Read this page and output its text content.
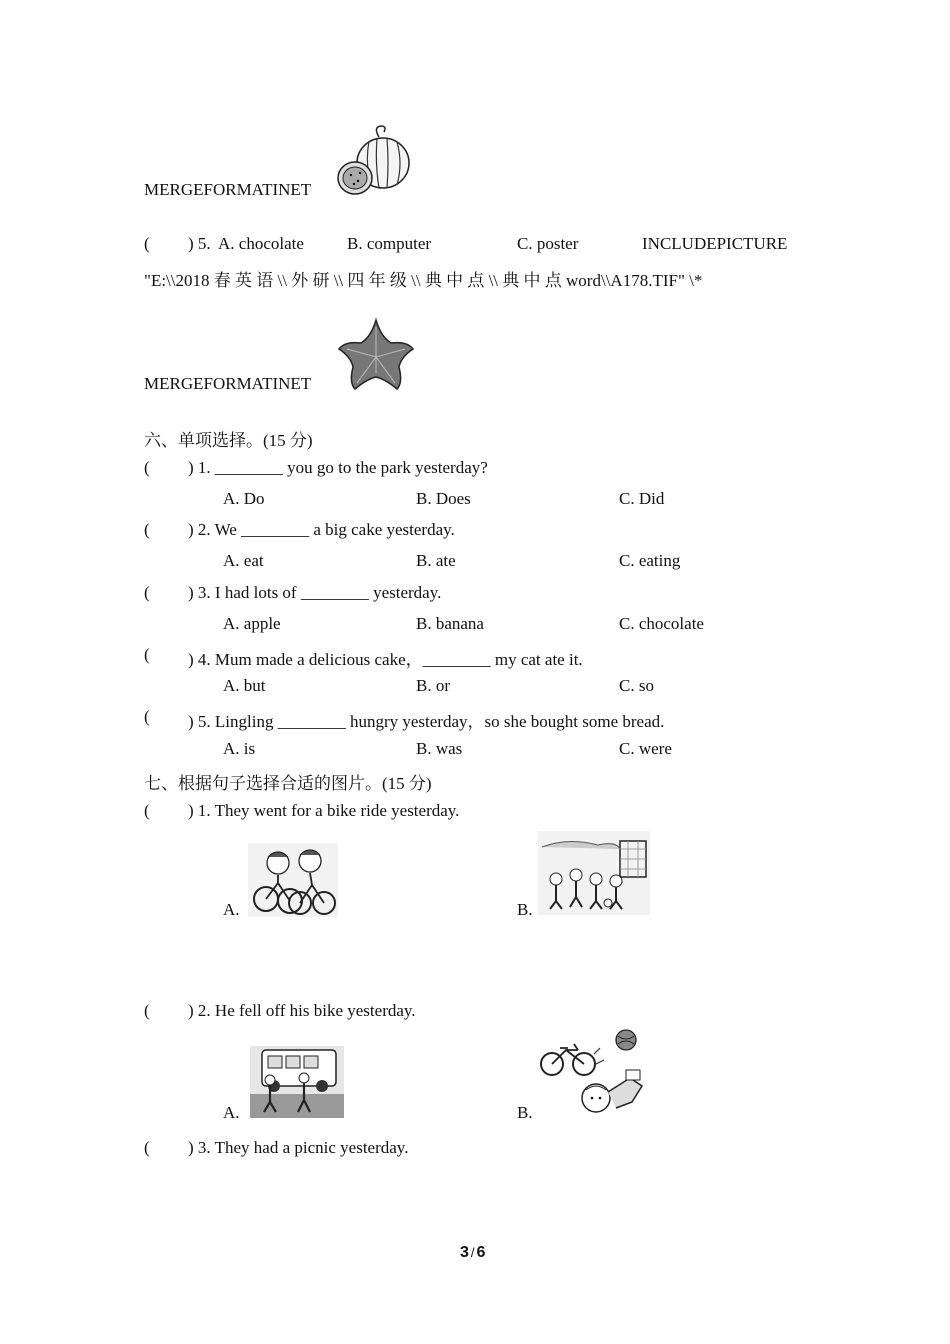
MERGEFORMATINET
( ) 5. A. chocolate	B. computer	C. poster	INCLUDEPICTURE
"E:\\2018 春 英 语 \\ 外 研 \\ 四 年 级 \\ 典 中 点 \\ 典 中 点 word\\A178.TIF" \*
MERGEFORMATINET
六、单项选择。(15 分)
( ) 1. ________ you go to the park yesterday?
A. Do	B. Does	C. Did
( ) 2. We ________ a big cake yesterday.
A. eat	B. ate	C. eating
( ) 3. I had lots of ________ yesterday.
A. apple	B. banana	C. chocolate
( ) 4. Mum made a delicious cake，________ my cat ate it.
A. but	B. or	C. so
( ) 5. Lingling ________ hungry yesterday，so she bought some bread.
A. is	B. was	C. were
七、根据句子选择合适的图片。(15 分)
( ) 1. They went for a bike ride yesterday.
A.	B.
( ) 2. He fell off his bike yesterday.
A.	B.
( ) 3. They had a picnic yesterday.
3 / 6
